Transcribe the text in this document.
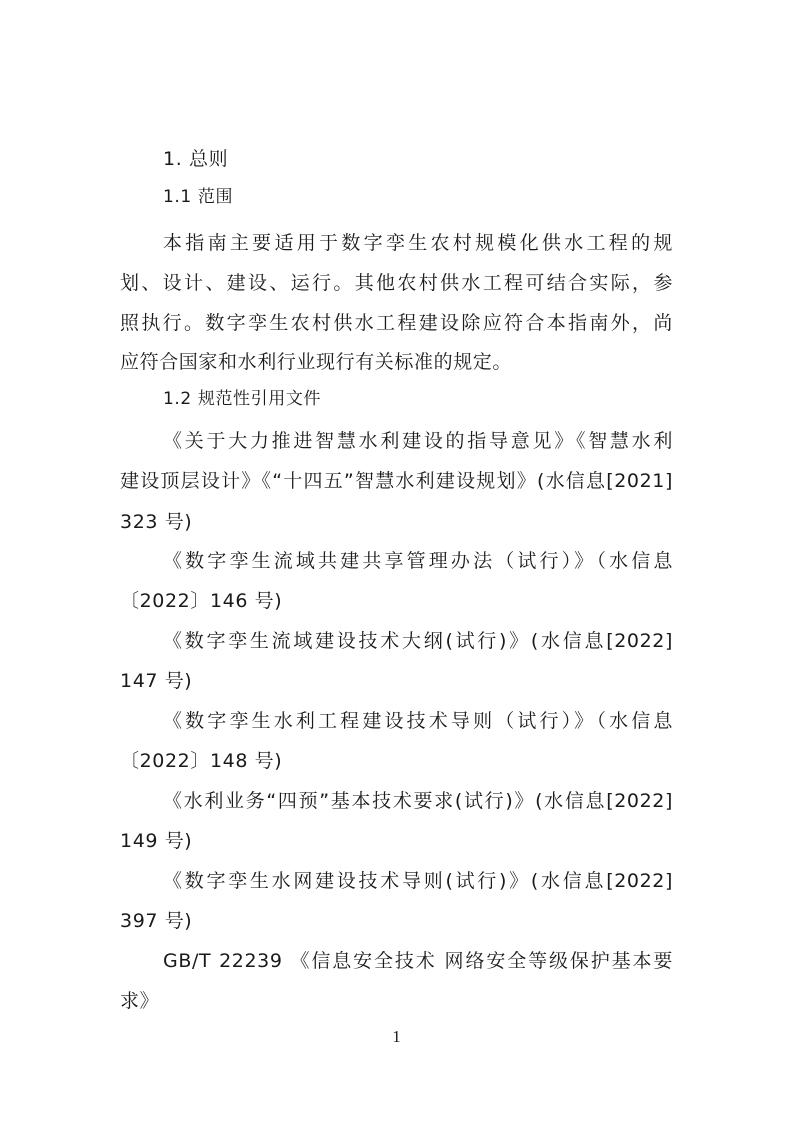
1. 总则
1.1 范围
本指南主要适用于数字孪生农村规模化供水工程的规
划、设计、建设、运行。其他农村供水工程可结合实际，参
照执行。数字孪生农村供水工程建设除应符合本指南外，尚
应符合国家和水利行业现行有关标准的规定。
1.2 规范性引用文件
《关于大力推进智慧水利建设的指导意见》《智慧水利
建设顶层设计》《“十四五”智慧水利建设规划》(水信息[2021]
323 号)
《数字孪生流域共建共享管理办法（试行）》（水信息
〔2022〕146 号)
《数字孪生流域建设技术大纲(试行)》(水信息[2022]
147 号)
《数字孪生水利工程建设技术导则（试行）》（水信息
〔2022〕148 号)
《水利业务“四预”基本技术要求(试行)》(水信息[2022]
149 号)
《数字孪生水网建设技术导则(试行)》(水信息[2022]
397 号)
GB/T 22239 《信息安全技术 网络安全等级保护基本要
求》
1
